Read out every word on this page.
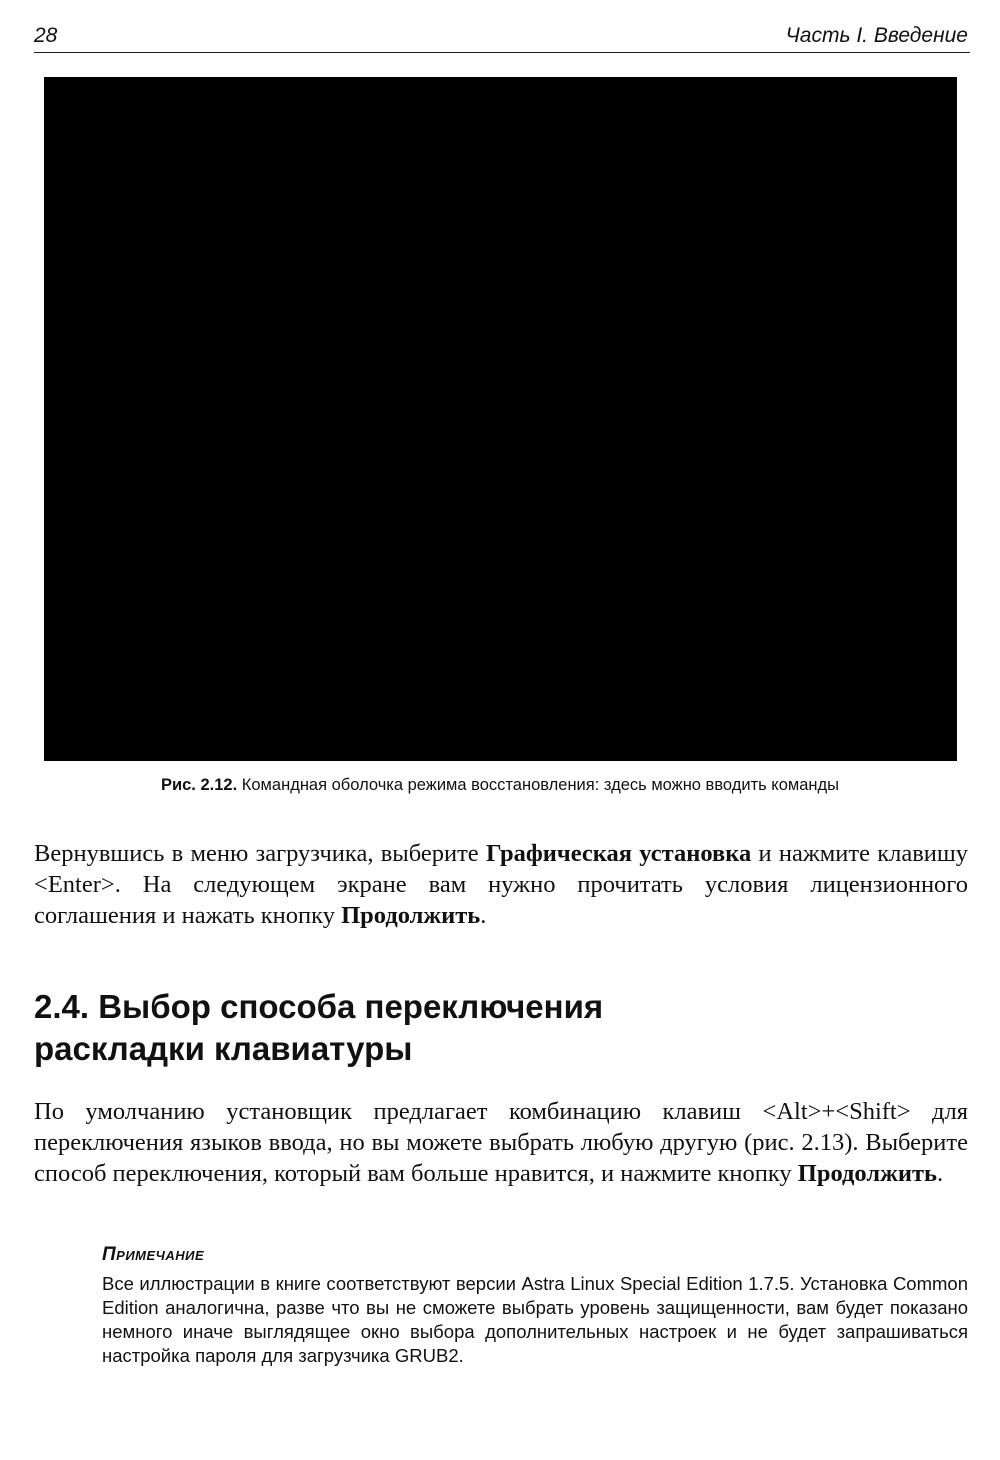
28	Часть I. Введение
Рис. 2.12. Командная оболочка режима восстановления: здесь можно вводить команды
Вернувшись в меню загрузчика, выберите Графическая установка и нажмите клавишу <Enter>. На следующем экране вам нужно прочитать условия лицензионного соглашения и нажать кнопку Продолжить.
2.4. Выбор способа переключения
раскладки клавиатуры
По умолчанию установщик предлагает комбинацию клавиш <Alt>+<Shift> для переключения языков ввода, но вы можете выбрать любую другую (рис. 2.13). Выберите способ переключения, который вам больше нравится, и нажмите кнопку Продолжить.
Примечание
Все иллюстрации в книге соответствуют версии Astra Linux Special Edition 1.7.5. Установка Common Edition аналогична, разве что вы не сможете выбрать уровень защищенности, вам будет показано немного иначе выглядящее окно выбора дополнительных настроек и не будет запрашиваться настройка пароля для загрузчика GRUB2.
